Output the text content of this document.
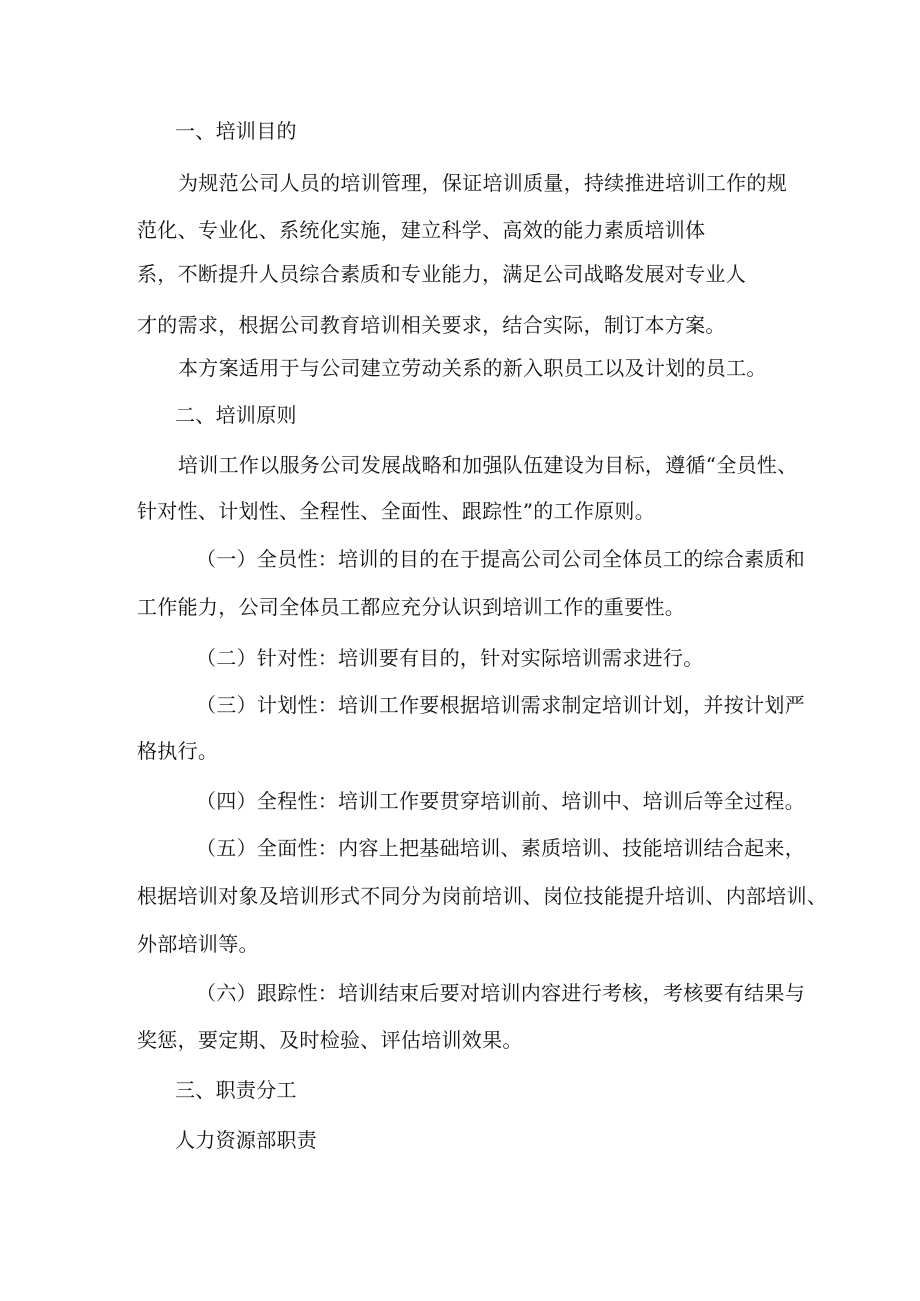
一、培训目的

为规范公司人员的培训管理，保证培训质量，持续推进培训工作的规

范化、专业化、系统化实施，建立科学、高效的能力素质培训体

系，不断提升人员综合素质和专业能力，满足公司战略发展对专业人

才的需求，根据公司教育培训相关要求，结合实际，制订本方案。

本方案适用于与公司建立劳动关系的新入职员工以及计划的员工。

二、培训原则

培训工作以服务公司发展战略和加强队伍建设为目标，遵循“全员性、

针对性、计划性、全程性、全面性、跟踪性”的工作原则。

（一）全员性：培训的目的在于提高公司公司全体员工的综合素质和

工作能力，公司全体员工都应充分认识到培训工作的重要性。

（二）针对性：培训要有目的，针对实际培训需求进行。

（三）计划性：培训工作要根据培训需求制定培训计划，并按计划严

格执行。

（四）全程性：培训工作要贯穿培训前、培训中、培训后等全过程。

（五）全面性：内容上把基础培训、素质培训、技能培训结合起来，

根据培训对象及培训形式不同分为岗前培训、岗位技能提升培训、内部培训、

外部培训等。

（六）跟踪性：培训结束后要对培训内容进行考核，考核要有结果与

奖惩，要定期、及时检验、评估培训效果。

三、职责分工

人力资源部职责
